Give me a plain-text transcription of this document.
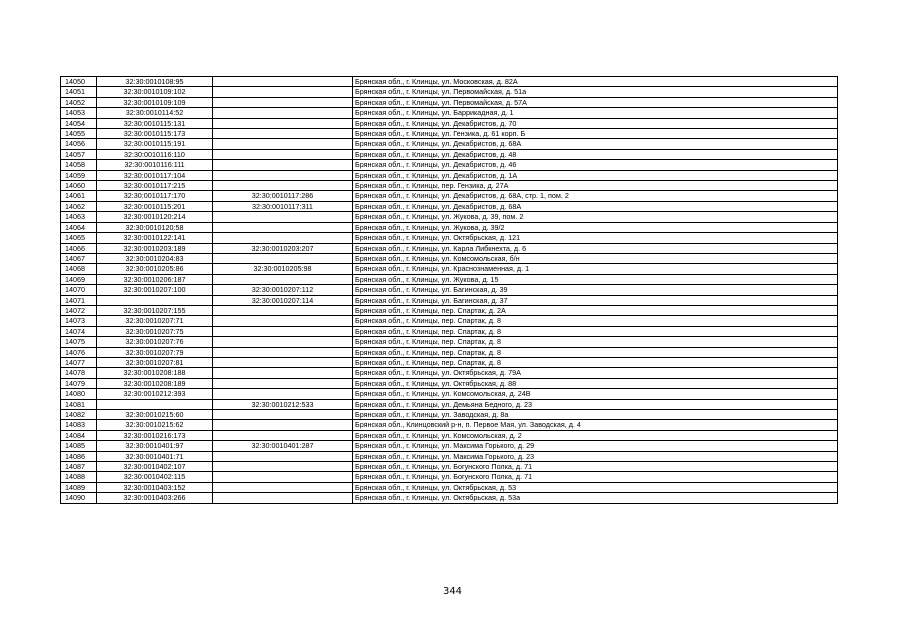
14050	32:30:0010108:95		Брянская обл., г. Клинцы, ул. Московская, д. 82А
14051	32:30:0010109:102		Брянская обл., г. Клинцы, ул. Первомайская, д. 51а
14052	32:30:0010109:109		Брянская обл., г. Клинцы, ул. Первомайская, д. 57А
14053	32:30:0010114:52		Брянская обл., г. Клинцы, ул. Баррикадная, д. 1
14054	32:30:0010115:131		Брянская обл., г. Клинцы, ул. Декабристов, д. 70
14055	32:30:0010115:173		Брянская обл., г. Клинцы, ул. Гензика, д. 61 корп. Б
14056	32:30:0010115:191		Брянская обл., г. Клинцы, ул. Декабристов, д. 68А
14057	32:30:0010116:110		Брянская обл., г. Клинцы, ул. Декабристов, д. 48
14058	32:30:0010116:111		Брянская обл., г. Клинцы, ул. Декабристов, д. 46
14059	32:30:0010117:104		Брянская обл., г. Клинцы, ул. Декабристов, д. 1А
14060	32:30:0010117:215		Брянская обл., г. Клинцы, пер. Гензика, д. 27А
14061	32:30:0010117:170	32:30:0010117:286	Брянская обл., г. Клинцы, ул. Декабристов, д. 68А, стр. 1, пом. 2
14062	32:30:0010115:201	32:30:0010117:311	Брянская обл., г. Клинцы, ул. Декабристов, д. 68А
14063	32:30:0010120:214		Брянская обл., г. Клинцы, ул. Жукова, д. 39, пом. 2
14064	32:30:0010120:58		Брянская обл., г. Клинцы, ул. Жукова, д. 39/2
14065	32:30:0010122:141		Брянская обл., г. Клинцы, ул. Октябрьская, д. 121
14066	32:30:0010203:189	32:30:0010203:207	Брянская обл., г. Клинцы, ул. Карла Либкнехта, д. 6
14067	32:30:0010204:83		Брянская обл., г. Клинцы, ул. Комсомольская, б/н
14068	32:30:0010205:86	32:30:0010205:98	Брянская обл., г. Клинцы, ул. Краснознаменная, д. 1
14069	32:30:0010206:187		Брянская обл., г. Клинцы, ул. Жукова, д. 15
14070	32:30:0010207:100	32:30:0010207:112	Брянская обл., г. Клинцы, ул. Багинская, д. 39
14071		32:30:0010207:114	Брянская обл., г. Клинцы, ул. Багинская, д. 37
14072	32:30:0010207:155		Брянская обл., г. Клинцы, пер. Спартак, д. 2А
14073	32:30:0010207:71		Брянская обл., г. Клинцы, пер. Спартак, д. 8
14074	32:30:0010207:75		Брянская обл., г. Клинцы, пер. Спартак, д. 8
14075	32:30:0010207:76		Брянская обл., г. Клинцы, пер. Спартак, д. 8
14076	32:30:0010207:79		Брянская обл., г. Клинцы, пер. Спартак, д. 8
14077	32:30:0010207:81		Брянская обл., г. Клинцы, пер. Спартак, д. 8
14078	32:30:0010208:188		Брянская обл., г. Клинцы, ул. Октябрьская, д. 79А
14079	32:30:0010208:189		Брянская обл., г. Клинцы, ул. Октябрьская, д. 88
14080	32:30:0010212:393		Брянская обл., г. Клинцы, ул. Комсомольская, д. 24В
14081		32:30:0010212:533	Брянская обл., г. Клинцы, ул. Демьяна Бедного, д. 23
14082	32:30:0010215:60		Брянская обл., г. Клинцы, ул. Заводская, д. 8а
14083	32:30:0010215:62		Брянская обл., Клинцовский р-н, п. Первое Мая, ул. Заводская, д. 4
14084	32:30:0010216:173		Брянская обл., г. Клинцы, ул. Комсомольская, д. 2
14085	32:30:0010401:97	32:30:0010401:287	Брянская обл., г. Клинцы, ул. Максима Горького, д. 29
14086	32:30:0010401:71		Брянская обл., г. Клинцы, ул. Максима Горького, д. 23
14087	32:30:0010402:107		Брянская обл., г. Клинцы, ул. Богунского Полка, д. 71
14088	32:30:0010402:115		Брянская обл., г. Клинцы, ул. Богунского Полка, д. 71
14089	32:30:0010403:152		Брянская обл., г. Клинцы, ул. Октябрьская, д. 53
14090	32:30:0010403:266		Брянская обл., г. Клинцы, ул. Октябрьская, д. 53а
344
